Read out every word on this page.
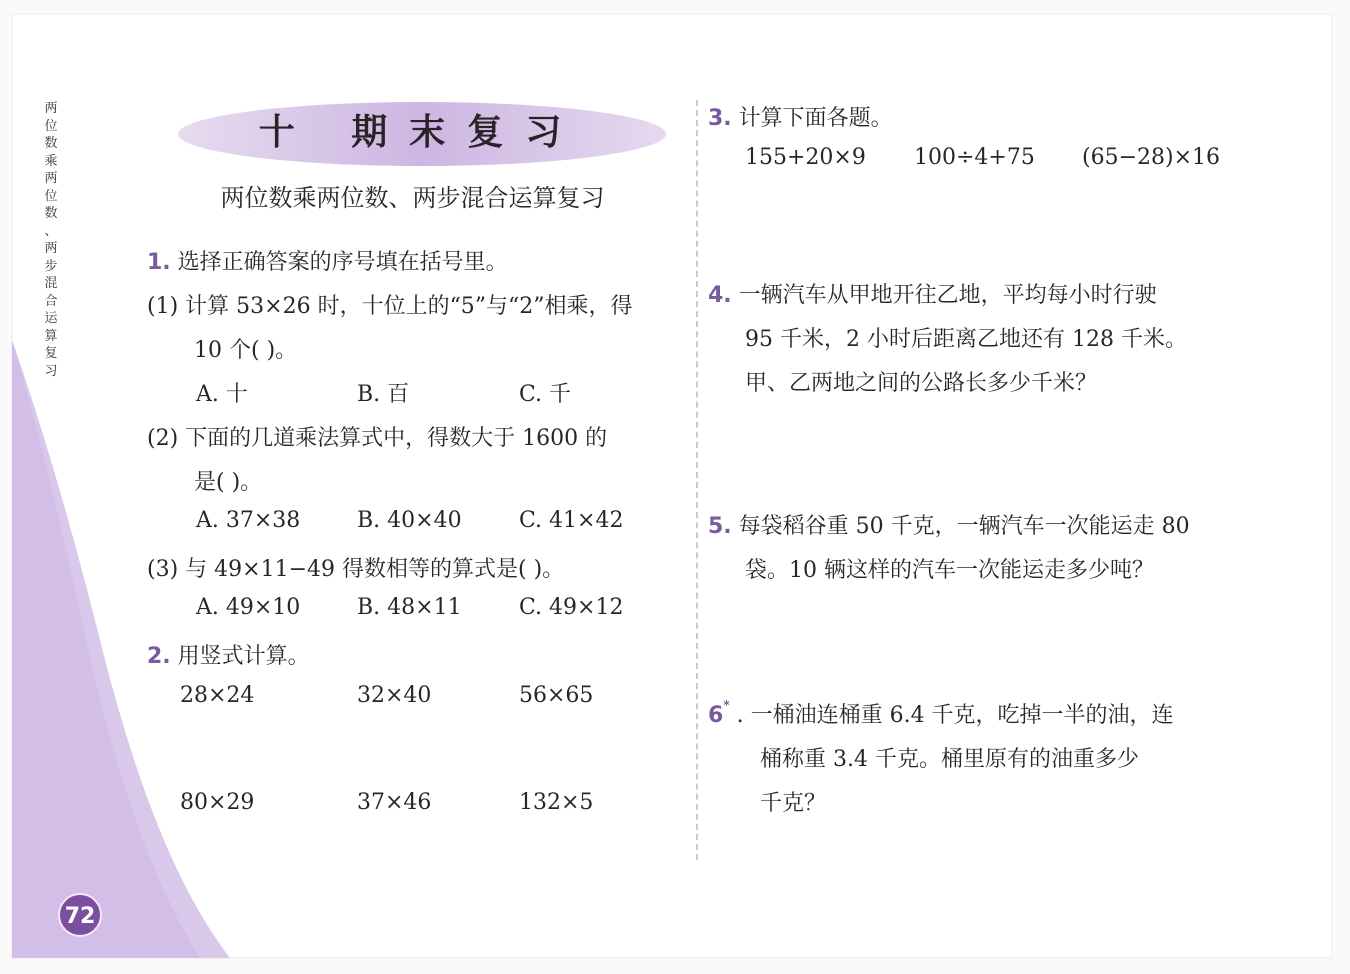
两
位
数
乘
两
位
数
、
两
步
混
合
运
算
复
习
十 期末复习
两位数乘两位数、两步混合运算复习
1. 选择正确答案的序号填在括号里。
(1) 计算 53×26 时，十位上的“5”与“2”相乘，得
10 个( )。
A. 十	B. 百	C. 千
(2) 下面的几道乘法算式中，得数大于 1600 的
是( )。
A. 37×38	B. 40×40	C. 41×42
(3) 与 49×11−49 得数相等的算式是( )。
A. 49×10	B. 48×11	C. 49×12
2. 用竖式计算。
28×24	32×40	56×65
80×29	37×46	132×5
3. 计算下面各题。
155+20×9 100÷4+75 (65−28)×16
4. 一辆汽车从甲地开往乙地，平均每小时行驶
95 千米，2 小时后距离乙地还有 128 千米。
甲、乙两地之间的公路长多少千米？
5. 每袋稻谷重 50 千克，一辆汽车一次能运走 80
袋。10 辆这样的汽车一次能运走多少吨？
6* . 一桶油连桶重 6.4 千克，吃掉一半的油，连
桶称重 3.4 千克。桶里原有的油重多少
千克？
72
